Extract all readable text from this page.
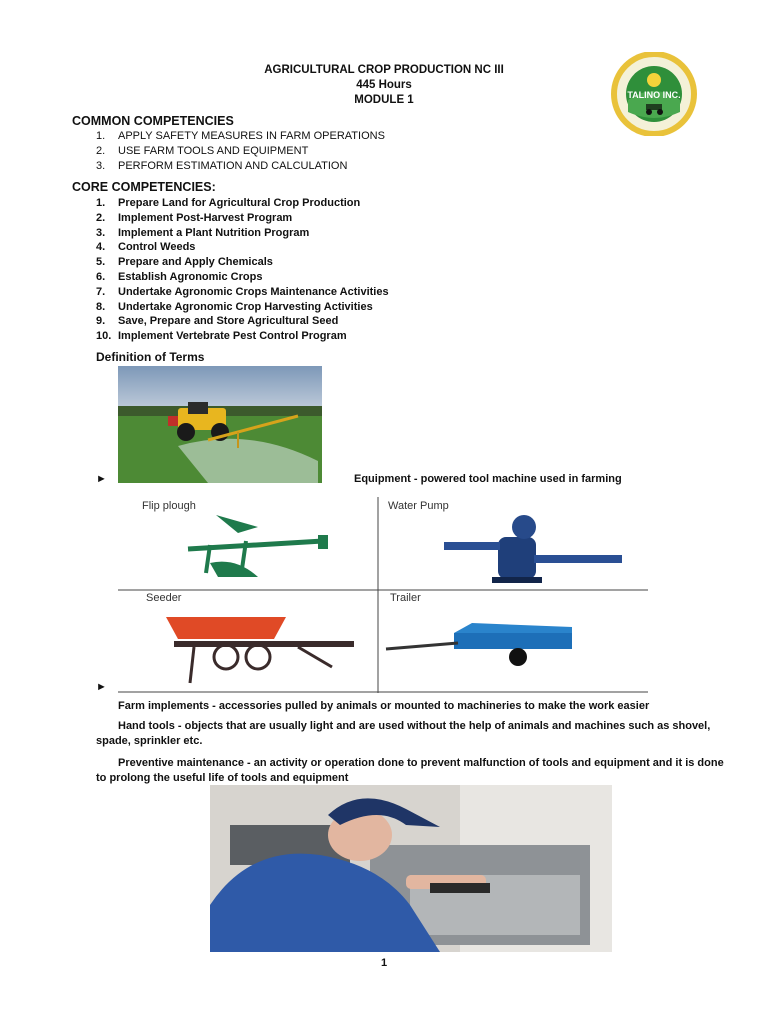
AGRICULTURAL CROP PRODUCTION NC III
445 Hours
MODULE 1	TALINO INC.
COMMON COMPETENCIES
1.	APPLY SAFETY MEASURES IN FARM OPERATIONS
2.	USE FARM TOOLS AND EQUIPMENT
3.	PERFORM ESTIMATION AND CALCULATION
CORE COMPETENCIES:
1.	Prepare Land for Agricultural Crop Production
2.	Implement Post-Harvest Program
3.	Implement a Plant Nutrition Program
4.	Control Weeds
5.	Prepare and Apply Chemicals
6.	Establish Agronomic Crops
7.	Undertake Agronomic Crops Maintenance Activities
8.	Undertake Agronomic Crop Harvesting Activities
9.	Save, Prepare and Store Agricultural Seed
10. Implement Vertebrate Pest Control Program
Definition of Terms
►	Equipment - powered tool machine used in farming
Flip plough	Water Pump
Seeder	Trailer
►
Farm implements - accessories pulled by animals or mounted to machineries to make the work easier
Hand tools - objects that are usually light and are used without the help of animals and machines such as shovel, spade, sprinkler etc.
Preventive maintenance - an activity or operation done to prevent malfunction of tools and equipment and it is done to prolong the useful life of tools and equipment
1
